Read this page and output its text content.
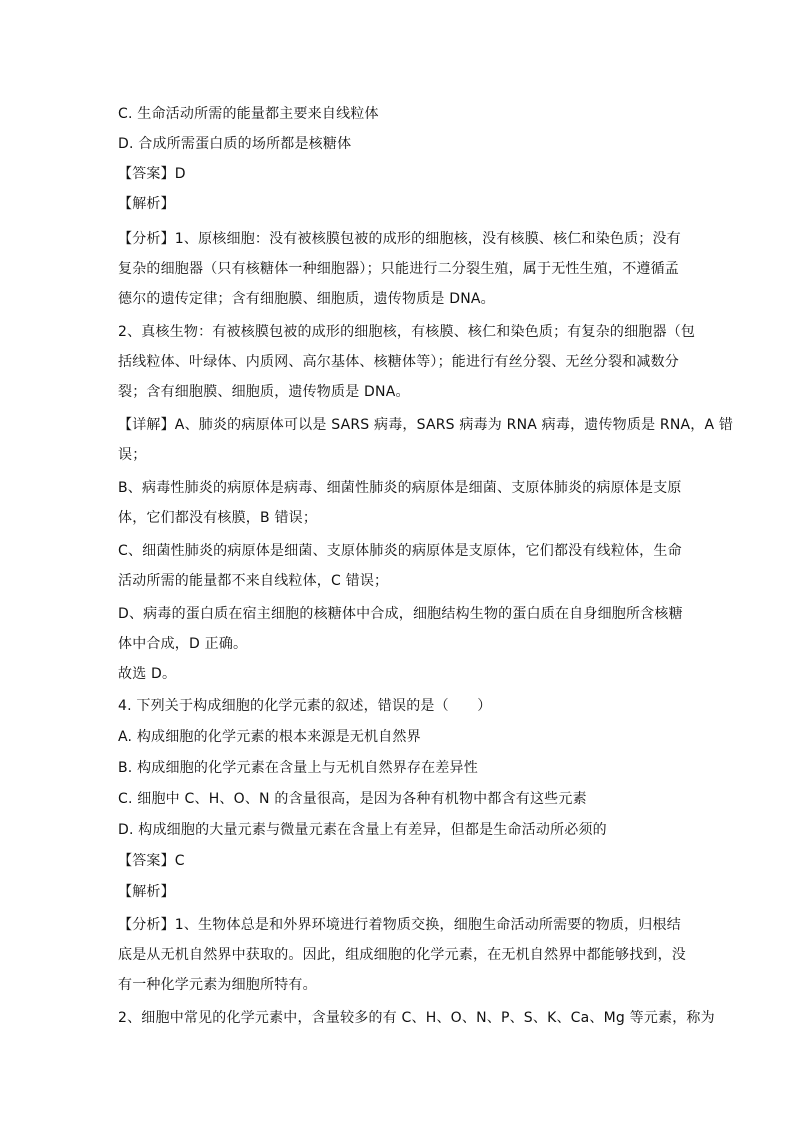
C. 生命活动所需的能量都主要来自线粒体
D. 合成所需蛋白质的场所都是核糖体
【答案】D
【解析】
【分析】1、原核细胞：没有被核膜包被的成形的细胞核，没有核膜、核仁和染色质；没有
复杂的细胞器（只有核糖体一种细胞器）；只能进行二分裂生殖，属于无性生殖，不遵循孟
德尔的遗传定律；含有细胞膜、细胞质，遗传物质是 DNA。
2、真核生物：有被核膜包被的成形的细胞核，有核膜、核仁和染色质；有复杂的细胞器（包
括线粒体、叶绿体、内质网、高尔基体、核糖体等）；能进行有丝分裂、无丝分裂和减数分
裂；含有细胞膜、细胞质，遗传物质是 DNA。
【详解】A、肺炎的病原体可以是 SARS 病毒，SARS 病毒为 RNA 病毒，遗传物质是 RNA，A 错
误；
B、病毒性肺炎的病原体是病毒、细菌性肺炎的病原体是细菌、支原体肺炎的病原体是支原
体，它们都没有核膜，B 错误；
C、细菌性肺炎的病原体是细菌、支原体肺炎的病原体是支原体，它们都没有线粒体，生命
活动所需的能量都不来自线粒体，C 错误；
D、病毒的蛋白质在宿主细胞的核糖体中合成，细胞结构生物的蛋白质在自身细胞所含核糖
体中合成，D 正确。
故选 D。
4. 下列关于构成细胞的化学元素的叙述，错误的是（　　）
A. 构成细胞的化学元素的根本来源是无机自然界
B. 构成细胞的化学元素在含量上与无机自然界存在差异性
C. 细胞中 C、H、O、N 的含量很高，是因为各种有机物中都含有这些元素
D. 构成细胞的大量元素与微量元素在含量上有差异，但都是生命活动所必须的
【答案】C
【解析】
【分析】1、生物体总是和外界环境进行着物质交换，细胞生命活动所需要的物质，归根结
底是从无机自然界中获取的。因此，组成细胞的化学元素，在无机自然界中都能够找到，没
有一种化学元素为细胞所特有。
2、细胞中常见的化学元素中，含量较多的有 C、H、O、N、P、S、K、Ca、Mg 等元素，称为
